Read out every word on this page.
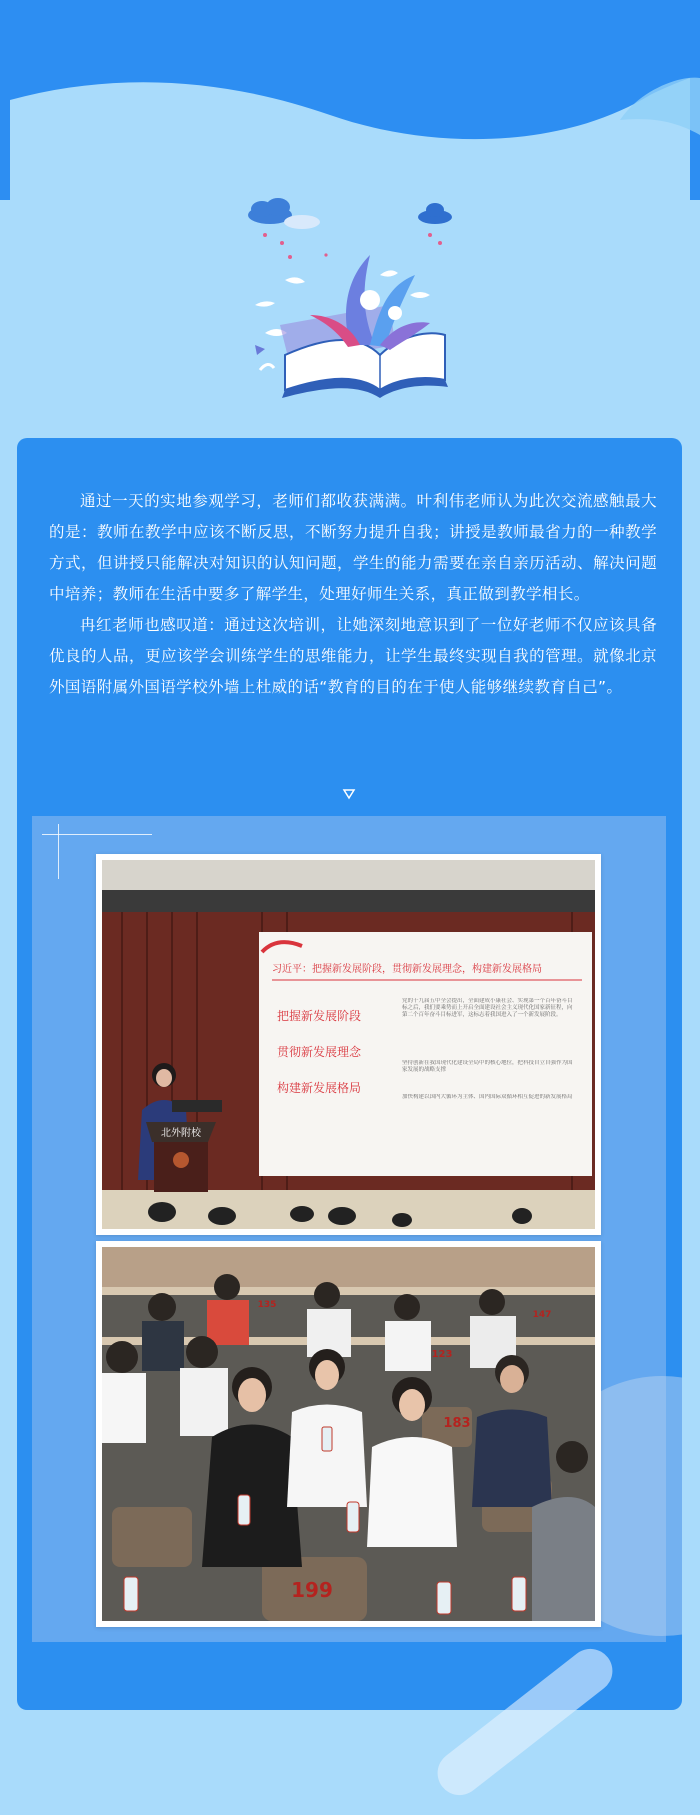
通过一天的实地参观学习，老师们都收获满满。叶利伟老师认为此次交流感触最大的是：教师在教学中应该不断反思，不断努力提升自我；讲授是教师最省力的一种教学方式，但讲授只能解决对知识的认知问题，学生的能力需要在亲自亲历活动、解决问题中培养；教师在生活中要多了解学生，处理好师生关系，真正做到教学相长。

冉红老师也感叹道：通过这次培训，让她深刻地意识到了一位好老师不仅应该具备优良的人品，更应该学会训练学生的思维能力，让学生最终实现自我的管理。就像北京外国语附属外国语学校外墙上杜威的话“教育的目的在于使人能够继续教育自己”。

习近平：把握新发展阶段，贯彻新发展理念，构建新发展格局
把握新发展阶段
贯彻新发展理念
构建新发展格局
党的十九届五中全会提出，全面建成小康社会、实现第一个百年奋斗目标之后，我们要乘势而上开启全面建设社会主义现代化国家新征程，向第二个百年奋斗目标进军，这标志着我国进入了一个新发展阶段。
坚持创新在我国现代化建设全局中的核心地位，把科技自立自强作为国家发展的战略支撑
加快构建以国内大循环为主体、国内国际双循环相互促进的新发展格局
北外附校
199
183
123
135
147
